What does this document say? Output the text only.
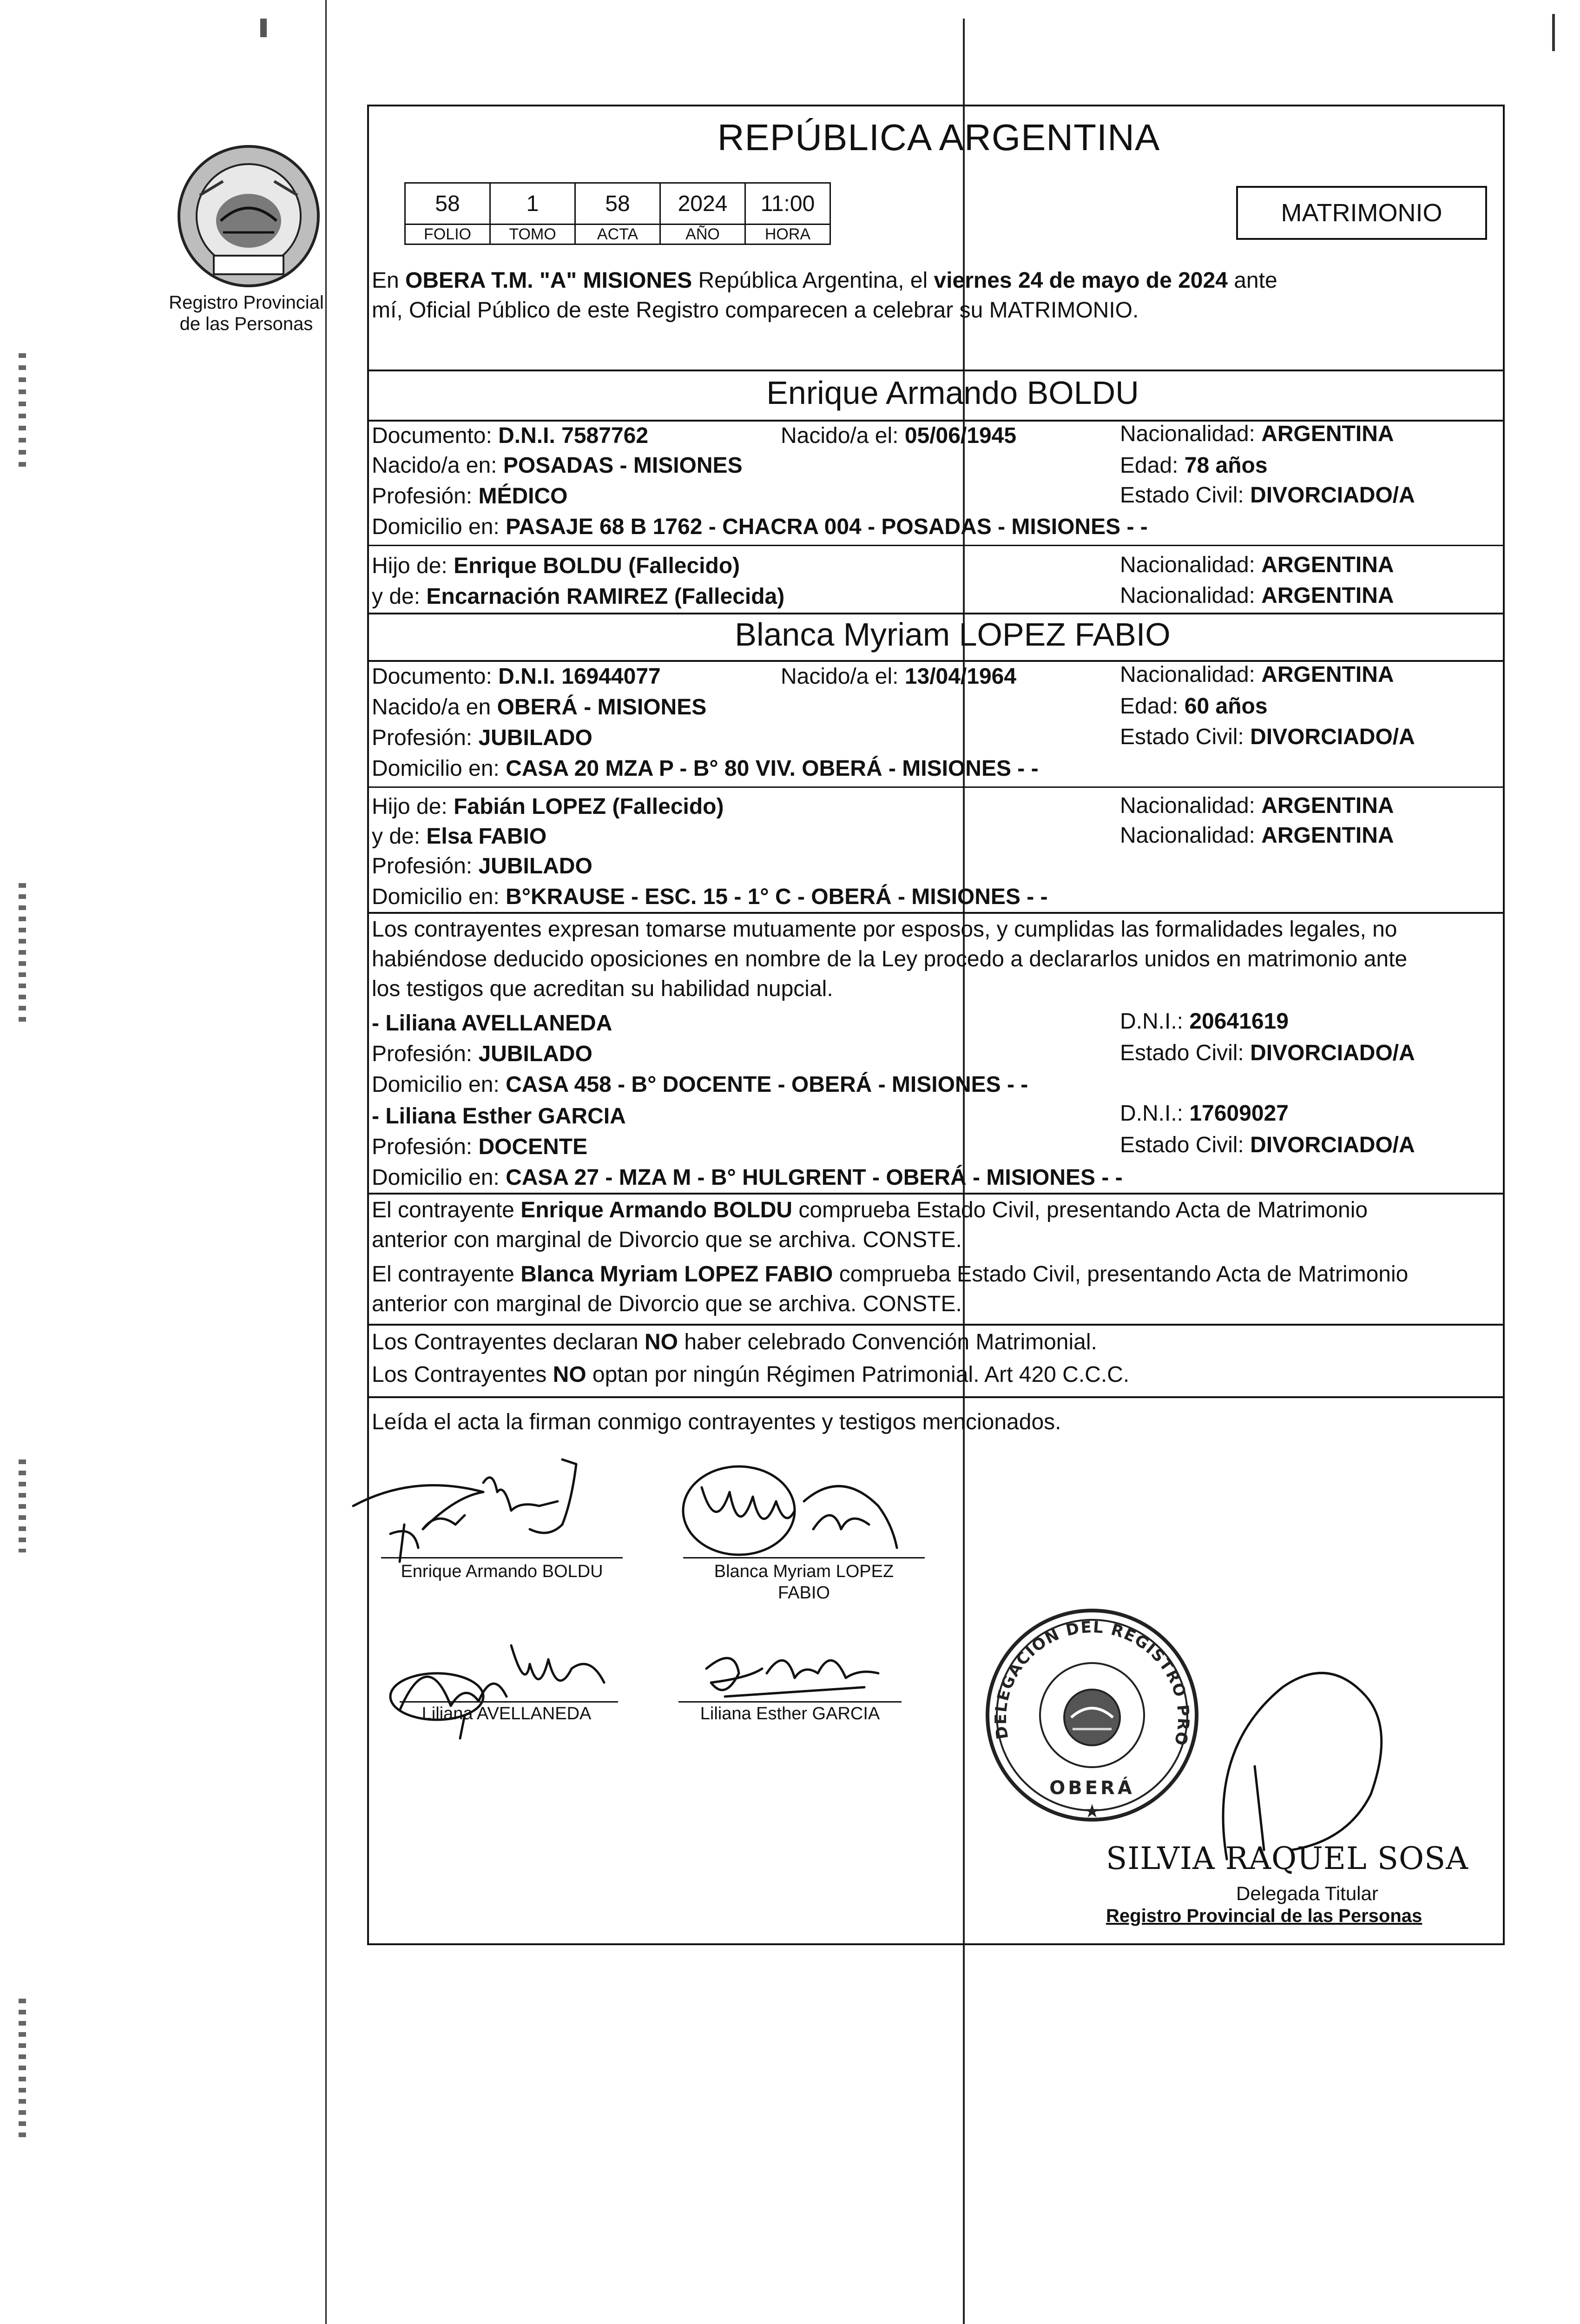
Registro Provincial
de las Personas
REPÚBLICA ARGENTINA
58	1	58	2024	11:00
FOLIO	TOMO	ACTA	AÑO	HORA
MATRIMONIO
En OBERA T.M. "A" MISIONES República Argentina, el viernes 24 de mayo de 2024 ante
mí, Oficial Público de este Registro comparecen a celebrar su MATRIMONIO.
Enrique Armando BOLDU
Documento: D.N.I. 7587762	Nacido/a el: 05/06/1945	Nacionalidad: ARGENTINA
Nacido/a en: POSADAS - MISIONES	Edad: 78 años
Profesión: MÉDICO	Estado Civil: DIVORCIADO/A
Domicilio en: PASAJE 68 B 1762 - CHACRA 004 - POSADAS - MISIONES - -
Hijo de: Enrique BOLDU (Fallecido)	Nacionalidad: ARGENTINA
y de: Encarnación RAMIREZ (Fallecida)	Nacionalidad: ARGENTINA
Blanca Myriam LOPEZ FABIO
Documento: D.N.I. 16944077	Nacido/a el: 13/04/1964	Nacionalidad: ARGENTINA
Nacido/a en OBERÁ - MISIONES	Edad: 60 años
Profesión: JUBILADO	Estado Civil: DIVORCIADO/A
Domicilio en: CASA 20 MZA P - B° 80 VIV. OBERÁ - MISIONES - -
Hijo de: Fabián LOPEZ (Fallecido)	Nacionalidad: ARGENTINA
y de: Elsa FABIO	Nacionalidad: ARGENTINA
Profesión: JUBILADO
Domicilio en: B°KRAUSE - ESC. 15 - 1° C - OBERÁ - MISIONES - -
Los contrayentes expresan tomarse mutuamente por esposos, y cumplidas las formalidades legales, no
habiéndose deducido oposiciones en nombre de la Ley procedo a declararlos unidos en matrimonio ante
los testigos que acreditan su habilidad nupcial.
- Liliana AVELLANEDA	D.N.I.: 20641619
Profesión: JUBILADO	Estado Civil: DIVORCIADO/A
Domicilio en: CASA 458 - B° DOCENTE - OBERÁ - MISIONES - -
- Liliana Esther GARCIA	D.N.I.: 17609027
Profesión: DOCENTE	Estado Civil: DIVORCIADO/A
Domicilio en: CASA 27 - MZA M - B° HULGRENT - OBERÁ - MISIONES - -
El contrayente Enrique Armando BOLDU comprueba Estado Civil, presentando Acta de Matrimonio
anterior con marginal de Divorcio que se archiva. CONSTE.
El contrayente Blanca Myriam LOPEZ FABIO comprueba Estado Civil, presentando Acta de Matrimonio
anterior con marginal de Divorcio que se archiva. CONSTE.
Los Contrayentes declaran NO haber celebrado Convención Matrimonial.
Los Contrayentes NO optan por ningún Régimen Patrimonial. Art 420 C.C.C.
Leída el acta la firman conmigo contrayentes y testigos mencionados.
Enrique Armando BOLDU	Blanca Myriam LOPEZ
FABIO
Liliana AVELLANEDA	Liliana Esther GARCIA
DELEGACION DEL REGISTRO PRO
OBERÁ
★
SILVIA RAQUEL SOSA
Delegada Titular
Registro Provincial de las Personas
